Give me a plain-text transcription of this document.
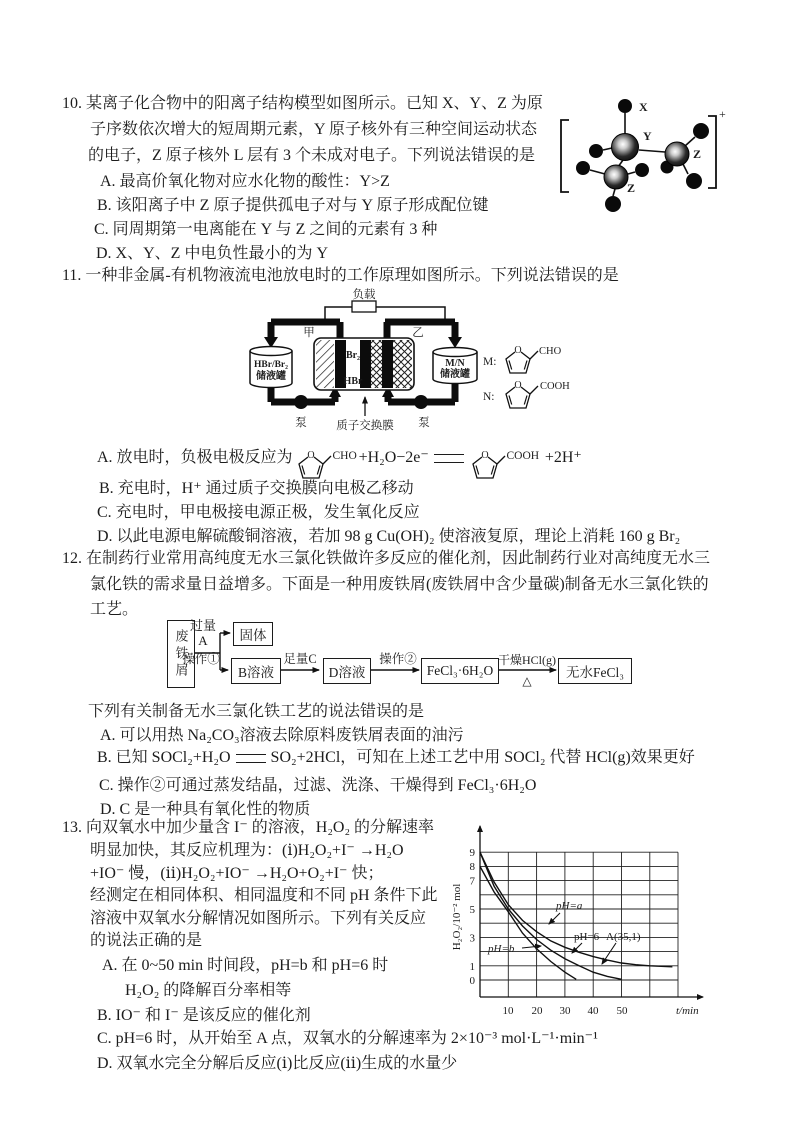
10. 某离子化合物中的阳离子结构模型如图所示。已知 X、Y、Z 为原
子序数依次增大的短周期元素，Y 原子核外有三种空间运动状态
的电子，Z 原子核外 L 层有 3 个未成对电子。下列说法错误的是
A. 最高价氧化物对应水化物的酸性：Y>Z
B. 该阳离子中 Z 原子提供孤电子对与 Y 原子形成配位键
C. 同周期第一电离能在 Y 与 Z 之间的元素有 3 种
D. X、Y、Z 中电负性最小的为 Y
X
Y
Z
Z
+
11. 一种非金属-有机物液流电池放电时的工作原理如图所示。下列说法错误的是
O	负载
Br₂
HBr
甲	乙
HBr/Br₂
储液罐
M/N
储液罐
泵	泵
质子交换膜
M:
CHO
N:
COOH
A. 放电时，负极电极反应为 O CHO +H₂O−2e⁻	O COOH +2H⁺
B. 充电时，H⁺ 通过质子交换膜向电极乙移动
C. 充电时，甲电极接电源正极，发生氧化反应
D. 以此电源电解硫酸铜溶液，若加 98 g Cu(OH)₂ 使溶液复原，理论上消耗 160 g Br₂
12. 在制药行业常用高纯度无水三氯化铁做许多反应的催化剂，因此制药行业对高纯度无水三
氯化铁的需求量日益增多。下面是一种用废铁屑(废铁屑中含少量碳)制备无水三氯化铁的
工艺。
废铁屑
过量
A
操作①
固体
B溶液
足量C
D溶液
操作②
FeCl₃·6H₂O
干燥HCl(g)
△
无水FeCl₃
下列有关制备无水三氯化铁工艺的说法错误的是
A. 可以用热 Na₂CO₃溶液去除原料废铁屑表面的油污
B. 已知 SOCl₂+H₂O	SO₂+2HCl，可知在上述工艺中用 SOCl₂ 代替 HCl(g)效果更好
C. 操作②可通过蒸发结晶，过滤、洗涤、干燥得到 FeCl₃·6H₂O
D. C 是一种具有氧化性的物质
13. 向双氧水中加少量含 I⁻ 的溶液，H₂O₂ 的分解速率
明显加快，其反应机理为：(ⅰ)H₂O₂+I⁻ →H₂O
+IO⁻ 慢，(ⅱ)H₂O₂+IO⁻ →H₂O+O₂+I⁻ 快；
经测定在相同体积、相同温度和不同 pH 条件下此
溶液中双氧水分解情况如图所示。下列有关反应
的说法正确的是
A. 在 0~50 min 时间段，pH=b 和 pH=6 时
H₂O₂ 的降解百分率相等
B. IO⁻ 和 I⁻ 是该反应的催化剂
C. pH=6 时，从开始至 A 点，双氧水的分解速率为 2×10⁻³ mol·L⁻¹·min⁻¹
D. 双氧水完全分解后反应(ⅰ)比反应(ⅱ)生成的水量少
9
8
7
5
3
1
0
10 20 30 40 50	t/min
H₂O₂/10⁻² mol	pH=a
pH=6 A(35,1)
pH=b
